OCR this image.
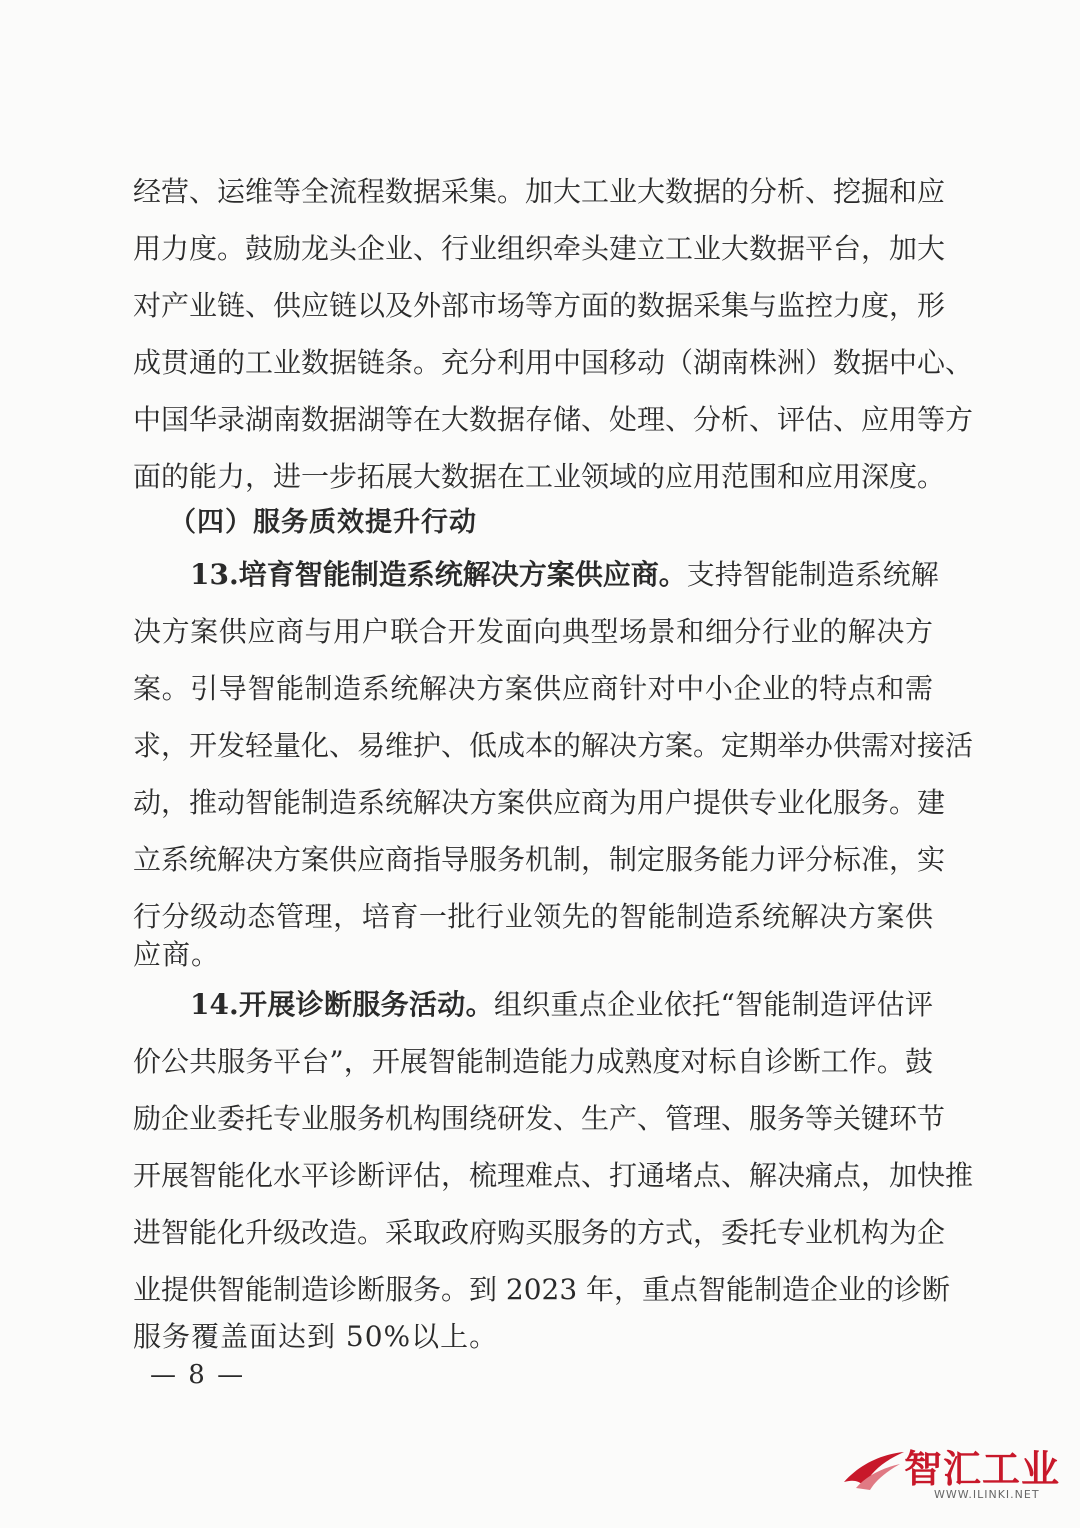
经营、运维等全流程数据采集。加大工业大数据的分析、挖掘和应
用力度。鼓励龙头企业、行业组织牵头建立工业大数据平台，加大
对产业链、供应链以及外部市场等方面的数据采集与监控力度，形
成贯通的工业数据链条。充分利用中国移动（湖南株洲）数据中心、
中国华录湖南数据湖等在大数据存储、处理、分析、评估、应用等方
面的能力，进一步拓展大数据在工业领域的应用范围和应用深度。
（四）服务质效提升行动
13.培育智能制造系统解决方案供应商。支持智能制造系统解
决方案供应商与用户联合开发面向典型场景和细分行业的解决方
案。引导智能制造系统解决方案供应商针对中小企业的特点和需
求，开发轻量化、易维护、低成本的解决方案。定期举办供需对接活
动，推动智能制造系统解决方案供应商为用户提供专业化服务。建
立系统解决方案供应商指导服务机制，制定服务能力评分标准，实
行分级动态管理，培育一批行业领先的智能制造系统解决方案供
应商。
14.开展诊断服务活动。组织重点企业依托“智能制造评估评
价公共服务平台”，开展智能制造能力成熟度对标自诊断工作。鼓
励企业委托专业服务机构围绕研发、生产、管理、服务等关键环节
开展智能化水平诊断评估，梳理难点、打通堵点、解决痛点，加快推
进智能化升级改造。采取政府购买服务的方式，委托专业机构为企
业提供智能制造诊断服务。到 2023 年，重点智能制造企业的诊断
服务覆盖面达到 50%以上。
— 8 —
智汇工业
WWW.ILINKI.NET
